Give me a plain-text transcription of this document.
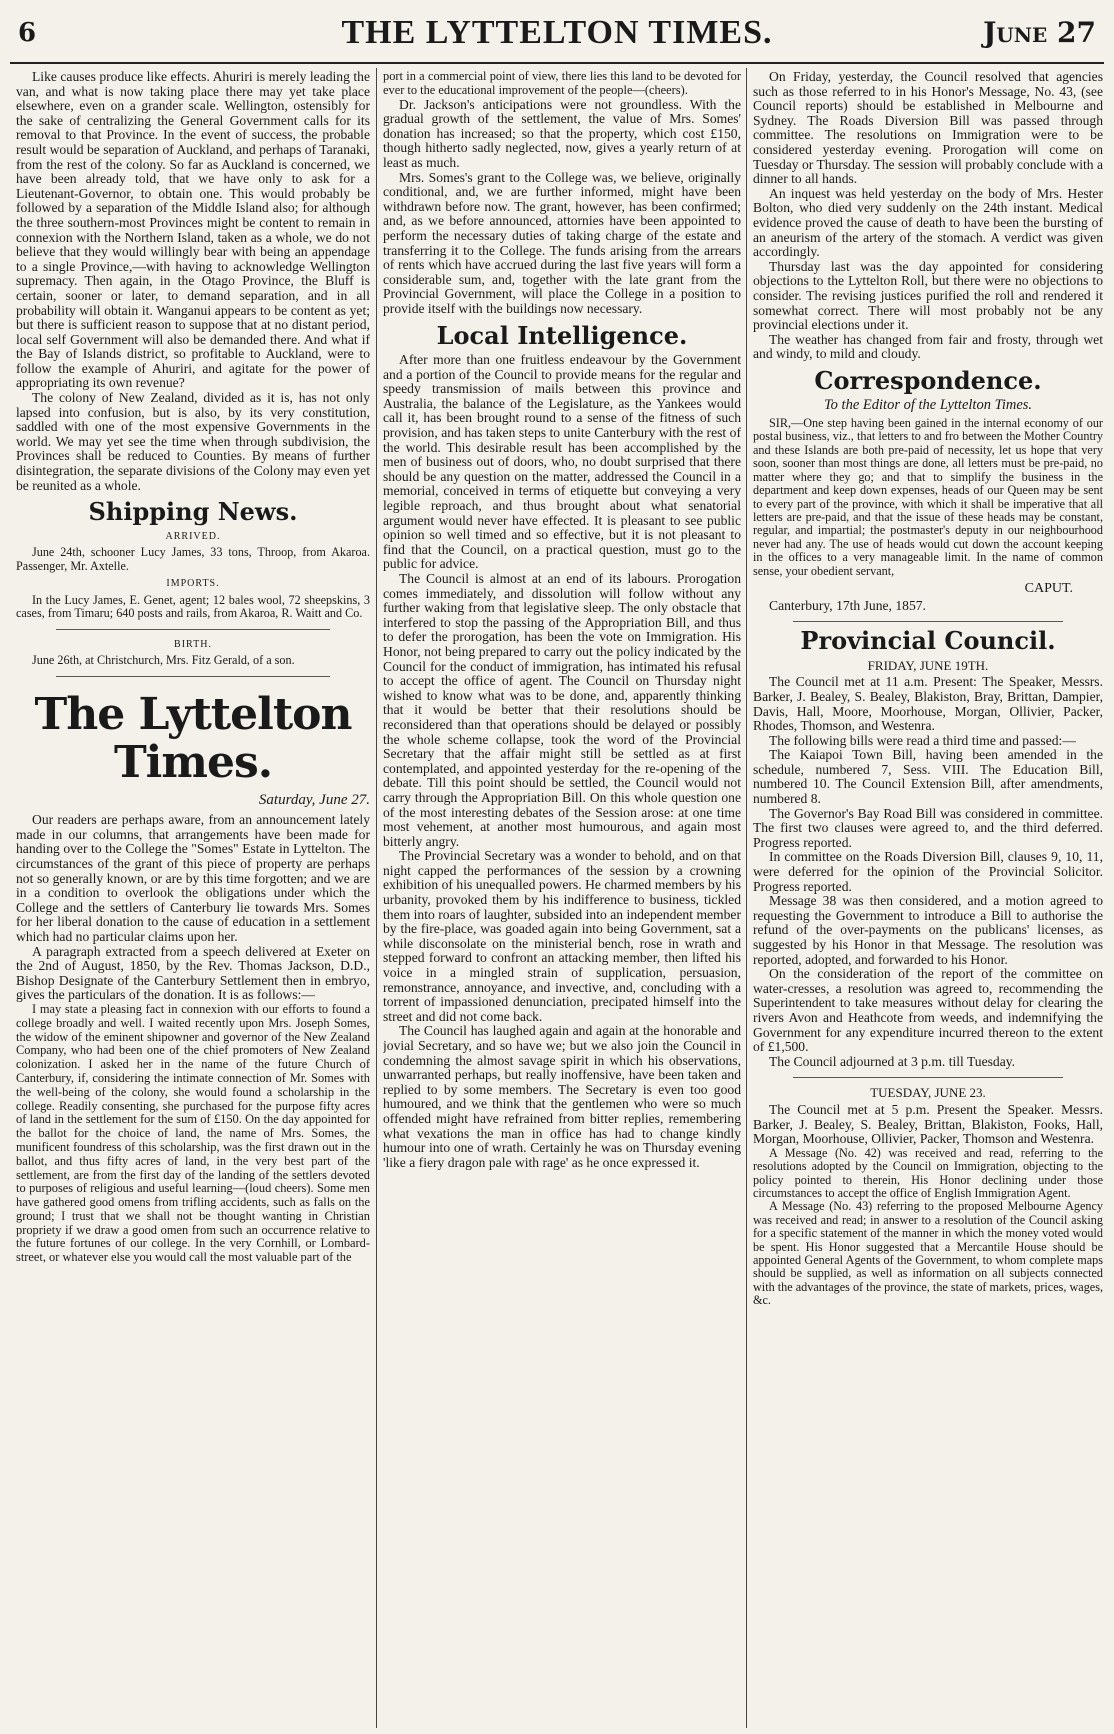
6	THE LYTTELTON TIMES.	June 27

Like causes produce like effects. Ahuriri is merely leading the van, and what is now taking place there may yet take place elsewhere, even on a grander scale. Wellington, ostensibly for the sake of centralizing the General Government calls for its removal to that Province. In the event of success, the probable result would be separation of Auckland, and perhaps of Taranaki, from the rest of the colony. So far as Auckland is concerned, we have been already told, that we have only to ask for a Lieutenant-Governor, to obtain one. This would probably be followed by a separation of the Middle Island also; for although the three southern-most Provinces might be content to remain in connexion with the Northern Island, taken as a whole, we do not believe that they would willingly bear with being an appendage to a single Province,—with having to acknowledge Wellington supremacy. Then again, in the Otago Province, the Bluff is certain, sooner or later, to demand separation, and in all probability will obtain it. Wanganui appears to be content as yet; but there is sufficient reason to suppose that at no distant period, local self Government will also be demanded there. And what if the Bay of Islands district, so profitable to Auckland, were to follow the example of Ahuriri, and agitate for the power of appropriating its own revenue?

The colony of New Zealand, divided as it is, has not only lapsed into confusion, but is also, by its very constitution, saddled with one of the most expensive Governments in the world. We may yet see the time when through subdivision, the Provinces shall be reduced to Counties. By means of further disintegration, the separate divisions of the Colony may even yet be reunited as a whole.

Shipping News.
ARRIVED.

June 24th, schooner Lucy James, 33 tons, Throop, from Akaroa. Passenger, Mr. Axtelle.

IMPORTS.

In the Lucy James, E. Genet, agent; 12 bales wool, 72 sheepskins, 3 cases, from Timaru; 640 posts and rails, from Akaroa, R. Waitt and Co.

BIRTH.

June 26th, at Christchurch, Mrs. Fitz Gerald, of a son.

The Lyttelton Times.
Saturday, June 27.

Our readers are perhaps aware, from an announcement lately made in our columns, that arrangements have been made for handing over to the College the "Somes" Estate in Lyttelton. The circumstances of the grant of this piece of property are perhaps not so generally known, or are by this time forgotten; and we are in a condition to overlook the obligations under which the College and the settlers of Canterbury lie towards Mrs. Somes for her liberal donation to the cause of education in a settlement which had no particular claims upon her.

A paragraph extracted from a speech delivered at Exeter on the 2nd of August, 1850, by the Rev. Thomas Jackson, D.D., Bishop Designate of the Canterbury Settlement then in embryo, gives the particulars of the donation. It is as follows:—

I may state a pleasing fact in connexion with our efforts to found a college broadly and well. I waited recently upon Mrs. Joseph Somes, the widow of the eminent shipowner and governor of the New Zealand Company, who had been one of the chief promoters of New Zealand colonization. I asked her in the name of the future Church of Canterbury, if, considering the intimate connection of Mr. Somes with the well-being of the colony, she would found a scholarship in the college. Readily consenting, she purchased for the purpose fifty acres of land in the settlement for the sum of £150. On the day appointed for the ballot for the choice of land, the name of Mrs. Somes, the munificent foundress of this scholarship, was the first drawn out in the ballot, and thus fifty acres of land, in the very best part of the settlement, are from the first day of the landing of the settlers devoted to purposes of religious and useful learning—(loud cheers). Some men have gathered good omens from trifling accidents, such as falls on the ground; I trust that we shall not be thought wanting in Christian propriety if we draw a good omen from such an occurrence relative to the future fortunes of our college. In the very Cornhill, or Lombard-street, or whatever else you would call the most valuable part of the

port in a commercial point of view, there lies this land to be devoted for ever to the educational improvement of the people—(cheers).

Dr. Jackson's anticipations were not groundless. With the gradual growth of the settlement, the value of Mrs. Somes' donation has increased; so that the property, which cost £150, though hitherto sadly neglected, now, gives a yearly return of at least as much.

Mrs. Somes's grant to the College was, we believe, originally conditional, and, we are further informed, might have been withdrawn before now. The grant, however, has been confirmed; and, as we before announced, attornies have been appointed to perform the necessary duties of taking charge of the estate and transferring it to the College. The funds arising from the arrears of rents which have accrued during the last five years will form a considerable sum, and, together with the late grant from the Provincial Government, will place the College in a position to provide itself with the buildings now necessary.

Local Intelligence.

After more than one fruitless endeavour by the Government and a portion of the Council to provide means for the regular and speedy transmission of mails between this province and Australia, the balance of the Legislature, as the Yankees would call it, has been brought round to a sense of the fitness of such provision, and has taken steps to unite Canterbury with the rest of the world. This desirable result has been accomplished by the men of business out of doors, who, no doubt surprised that there should be any question on the matter, addressed the Council in a memorial, conceived in terms of etiquette but conveying a very legible reproach, and thus brought about what senatorial argument would never have effected. It is pleasant to see public opinion so well timed and so effective, but it is not pleasant to find that the Council, on a practical question, must go to the public for advice.

The Council is almost at an end of its labours. Prorogation comes immediately, and dissolution will follow without any further waking from that legislative sleep. The only obstacle that interfered to stop the passing of the Appropriation Bill, and thus to defer the prorogation, has been the vote on Immigration. His Honor, not being prepared to carry out the policy indicated by the Council for the conduct of immigration, has intimated his refusal to accept the office of agent. The Council on Thursday night wished to know what was to be done, and, apparently thinking that it would be better that their resolutions should be reconsidered than that operations should be delayed or possibly the whole scheme collapse, took the word of the Provincial Secretary that the affair might still be settled as at first contemplated, and appointed yesterday for the re-opening of the debate. Till this point should be settled, the Council would not carry through the Appropriation Bill. On this whole question one of the most interesting debates of the Session arose: at one time most vehement, at another most humourous, and again most bitterly angry.

The Provincial Secretary was a wonder to behold, and on that night capped the performances of the session by a crowning exhibition of his unequalled powers. He charmed members by his urbanity, provoked them by his indifference to business, tickled them into roars of laughter, subsided into an independent member by the fire-place, was goaded again into being Government, sat a while disconsolate on the ministerial bench, rose in wrath and stepped forward to confront an attacking member, then lifted his voice in a mingled strain of supplication, persuasion, remonstrance, annoyance, and invective, and, concluding with a torrent of impassioned denunciation, precipated himself into the street and did not come back.

The Council has laughed again and again at the honorable and jovial Secretary, and so have we; but we also join the Council in condemning the almost savage spirit in which his observations, unwarranted perhaps, but really inoffensive, have been taken and replied to by some members. The Secretary is even too good humoured, and we think that the gentlemen who were so much offended might have refrained from bitter replies, remembering what vexations the man in office has had to change kindly humour into one of wrath. Certainly he was on Thursday evening 'like a fiery dragon pale with rage' as he once expressed it.

On Friday, yesterday, the Council resolved that agencies such as those referred to in his Honor's Message, No. 43, (see Council reports) should be established in Melbourne and Sydney. The Roads Diversion Bill was passed through committee. The resolutions on Immigration were to be considered yesterday evening. Prorogation will come on Tuesday or Thursday. The session will probably conclude with a dinner to all hands.

An inquest was held yesterday on the body of Mrs. Hester Bolton, who died very suddenly on the 24th instant. Medical evidence proved the cause of death to have been the bursting of an aneurism of the artery of the stomach. A verdict was given accordingly.

Thursday last was the day appointed for considering objections to the Lyttelton Roll, but there were no objections to consider. The revising justices purified the roll and rendered it somewhat correct. There will most probably not be any provincial elections under it.

The weather has changed from fair and frosty, through wet and windy, to mild and cloudy.

Correspondence.
To the Editor of the Lyttelton Times.

SIR,—One step having been gained in the internal economy of our postal business, viz., that letters to and fro between the Mother Country and these Islands are both pre-paid of necessity, let us hope that very soon, sooner than most things are done, all letters must be pre-paid, no matter where they go; and that to simplify the business in the department and keep down expenses, heads of our Queen may be sent to every part of the province, with which it shall be imperative that all letters are pre-paid, and that the issue of these heads may be constant, regular, and impartial; the postmaster's deputy in our neighbourhood never had any. The use of heads would cut down the account keeping in the offices to a very manageable limit. In the name of common sense, your obedient servant,

CAPUT.

Canterbury, 17th June, 1857.

Provincial Council.
FRIDAY, JUNE 19TH.

The Council met at 11 a.m. Present: The Speaker, Messrs. Barker, J. Bealey, S. Bealey, Blakiston, Bray, Brittan, Dampier, Davis, Hall, Moore, Moorhouse, Morgan, Ollivier, Packer, Rhodes, Thomson, and Westenra.

The following bills were read a third time and passed:—

The Kaiapoi Town Bill, having been amended in the schedule, numbered 7, Sess. VIII. The Education Bill, numbered 10. The Council Extension Bill, after amendments, numbered 8.

The Governor's Bay Road Bill was considered in committee. The first two clauses were agreed to, and the third deferred. Progress reported.

In committee on the Roads Diversion Bill, clauses 9, 10, 11, were deferred for the opinion of the Provincial Solicitor. Progress reported.

Message 38 was then considered, and a motion agreed to requesting the Government to introduce a Bill to authorise the refund of the over-payments on the publicans' licenses, as suggested by his Honor in that Message. The resolution was reported, adopted, and forwarded to his Honor.

On the consideration of the report of the committee on water-cresses, a resolution was agreed to, recommending the Superintendent to take measures without delay for clearing the rivers Avon and Heathcote from weeds, and indemnifying the Government for any expenditure incurred thereon to the extent of £1,500.

The Council adjourned at 3 p.m. till Tuesday.

TUESDAY, JUNE 23.

The Council met at 5 p.m. Present the Speaker. Messrs. Barker, J. Bealey, S. Bealey, Brittan, Blakiston, Fooks, Hall, Morgan, Moorhouse, Ollivier, Packer, Thomson and Westenra.

A Message (No. 42) was received and read, referring to the resolutions adopted by the Council on Immigration, objecting to the policy pointed to therein, His Honor declining under those circumstances to accept the office of English Immigration Agent.

A Message (No. 43) referring to the proposed Melbourne Agency was received and read; in answer to a resolution of the Council asking for a specific statement of the manner in which the money voted would be spent. His Honor suggested that a Mercantile House should be appointed General Agents of the Government, to whom complete maps should be supplied, as well as information on all subjects connected with the advantages of the province, the state of markets, prices, wages, &c.
